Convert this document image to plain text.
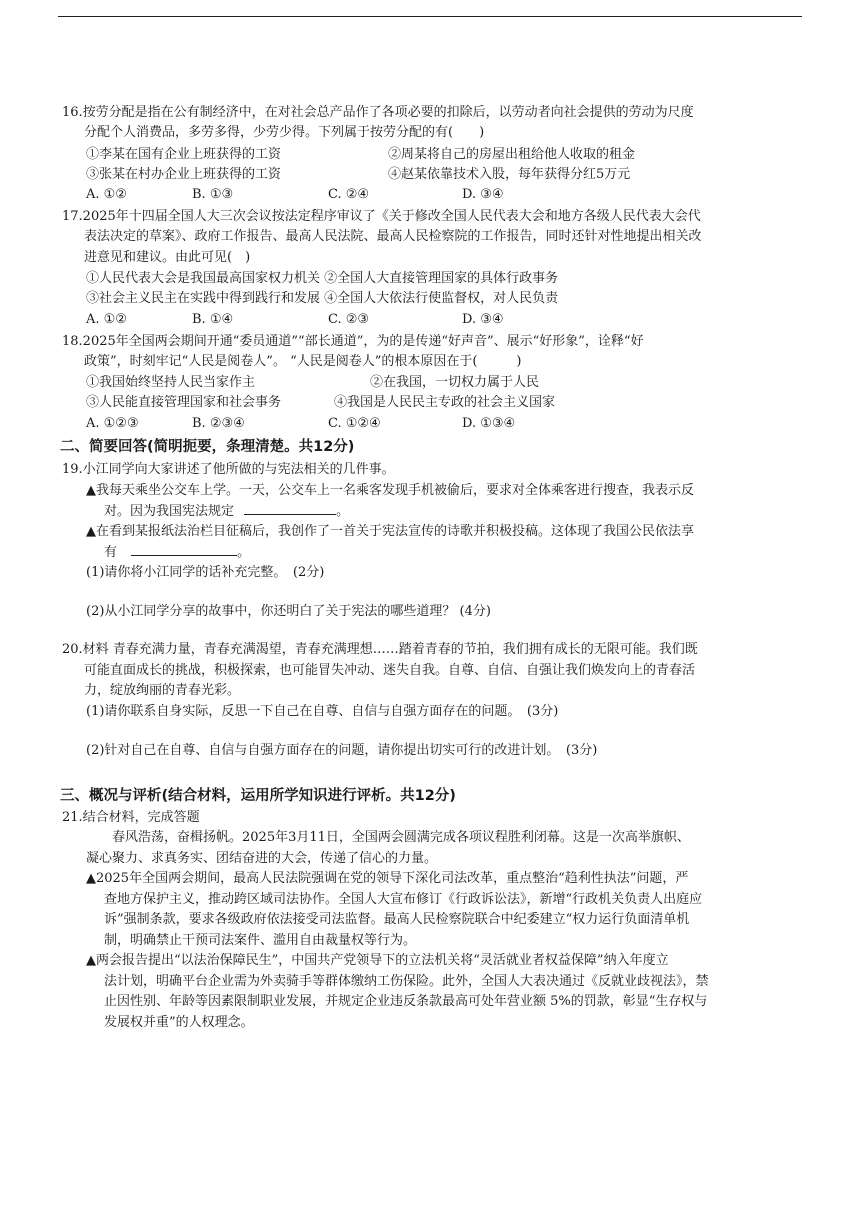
16.按劳分配是指在公有制经济中，在对社会总产品作了各项必要的扣除后，以劳动者向社会提供的劳动为尺度
分配个人消费品，多劳多得，少劳少得。下列属于按劳分配的有(　　)
①李某在国有企业上班获得的工资	②周某将自己的房屋出租给他人收取的租金
③张某在村办企业上班获得的工资	④赵某依靠技术入股，每年获得分红5万元
A. ①②	B. ①③	C. ②④	D. ③④
17.2025年十四届全国人大三次会议按法定程序审议了《关于修改全国人民代表大会和地方各级人民代表大会代
表法决定的草案》、政府工作报告、最高人民法院、最高人民检察院的工作报告，同时还针对性地提出相关改
进意见和建议。由此可见(　)
①人民代表大会是我国最高国家权力机关 ②全国人大直接管理国家的具体行政事务
③社会主义民主在实践中得到践行和发展 ④全国人大依法行使监督权，对人民负责
A. ①②	B. ①④	C. ②③	D. ③④
18.2025年全国两会期间开通“委员通道”“部长通道”，为的是传递“好声音”、展示“好形象”，诠释“好
政策”，时刻牢记“人民是阅卷人”。 “人民是阅卷人”的根本原因在于(　　　)
①我国始终坚持人民当家作主	②在我国，一切权力属于人民
③人民能直接管理国家和社会事务	④我国是人民民主专政的社会主义国家
A. ①②③	B. ②③④	C. ①②④	D. ①③④
二、简要回答(简明扼要，条理清楚。共12分)
19.小江同学向大家讲述了他所做的与宪法相关的几件事。
▲我每天乘坐公交车上学。一天，公交车上一名乘客发现手机被偷后，要求对全体乘客进行搜查，我表示反
对。因为我国宪法规定	。
▲在看到某报纸法治栏目征稿后，我创作了一首关于宪法宣传的诗歌并积极投稿。这体现了我国公民依法享
有	。
(1)请你将小江同学的话补充完整。　(2分)
(2)从小江同学分享的故事中，你还明白了关于宪法的哪些道理？ (4分)
20.材料 青春充满力量，青春充满渴望，青春充满理想……踏着青春的节拍，我们拥有成长的无限可能。我们既
可能直面成长的挑战，积极探索，也可能冒失冲动、迷失自我。自尊、自信、自强让我们焕发向上的青春活
力，绽放绚丽的青春光彩。
(1)请你联系自身实际，反思一下自己在自尊、自信与自强方面存在的问题。　(3分)
(2)针对自己在自尊、自信与自强方面存在的问题，请你提出切实可行的改进计划。　(3分)
三、概况与评析(结合材料，运用所学知识进行评析。共12分)
21.结合材料，完成答题
春风浩荡，奋楫扬帆。2025年3月11日，全国两会圆满完成各项议程胜利闭幕。这是一次高举旗帜、
凝心聚力、求真务实、团结奋进的大会，传递了信心的力量。
▲2025年全国两会期间，最高人民法院强调在党的领导下深化司法改革，重点整治“趋利性执法”问题，严
查地方保护主义，推动跨区域司法协作。全国人大宣布修订《行政诉讼法》，新增“行政机关负责人出庭应
诉”强制条款，要求各级政府依法接受司法监督。最高人民检察院联合中纪委建立“权力运行负面清单机
制，明确禁止干预司法案件、滥用自由裁量权等行为。
▲两会报告提出“以法治保障民生”，中国共产党领导下的立法机关将“灵活就业者权益保障”纳入年度立
法计划，明确平台企业需为外卖骑手等群体缴纳工伤保险。此外，全国人大表决通过《反就业歧视法》，禁
止因性别、年龄等因素限制职业发展，并规定企业违反条款最高可处年营业额 5%的罚款，彰显“生存权与
发展权并重”的人权理念。
